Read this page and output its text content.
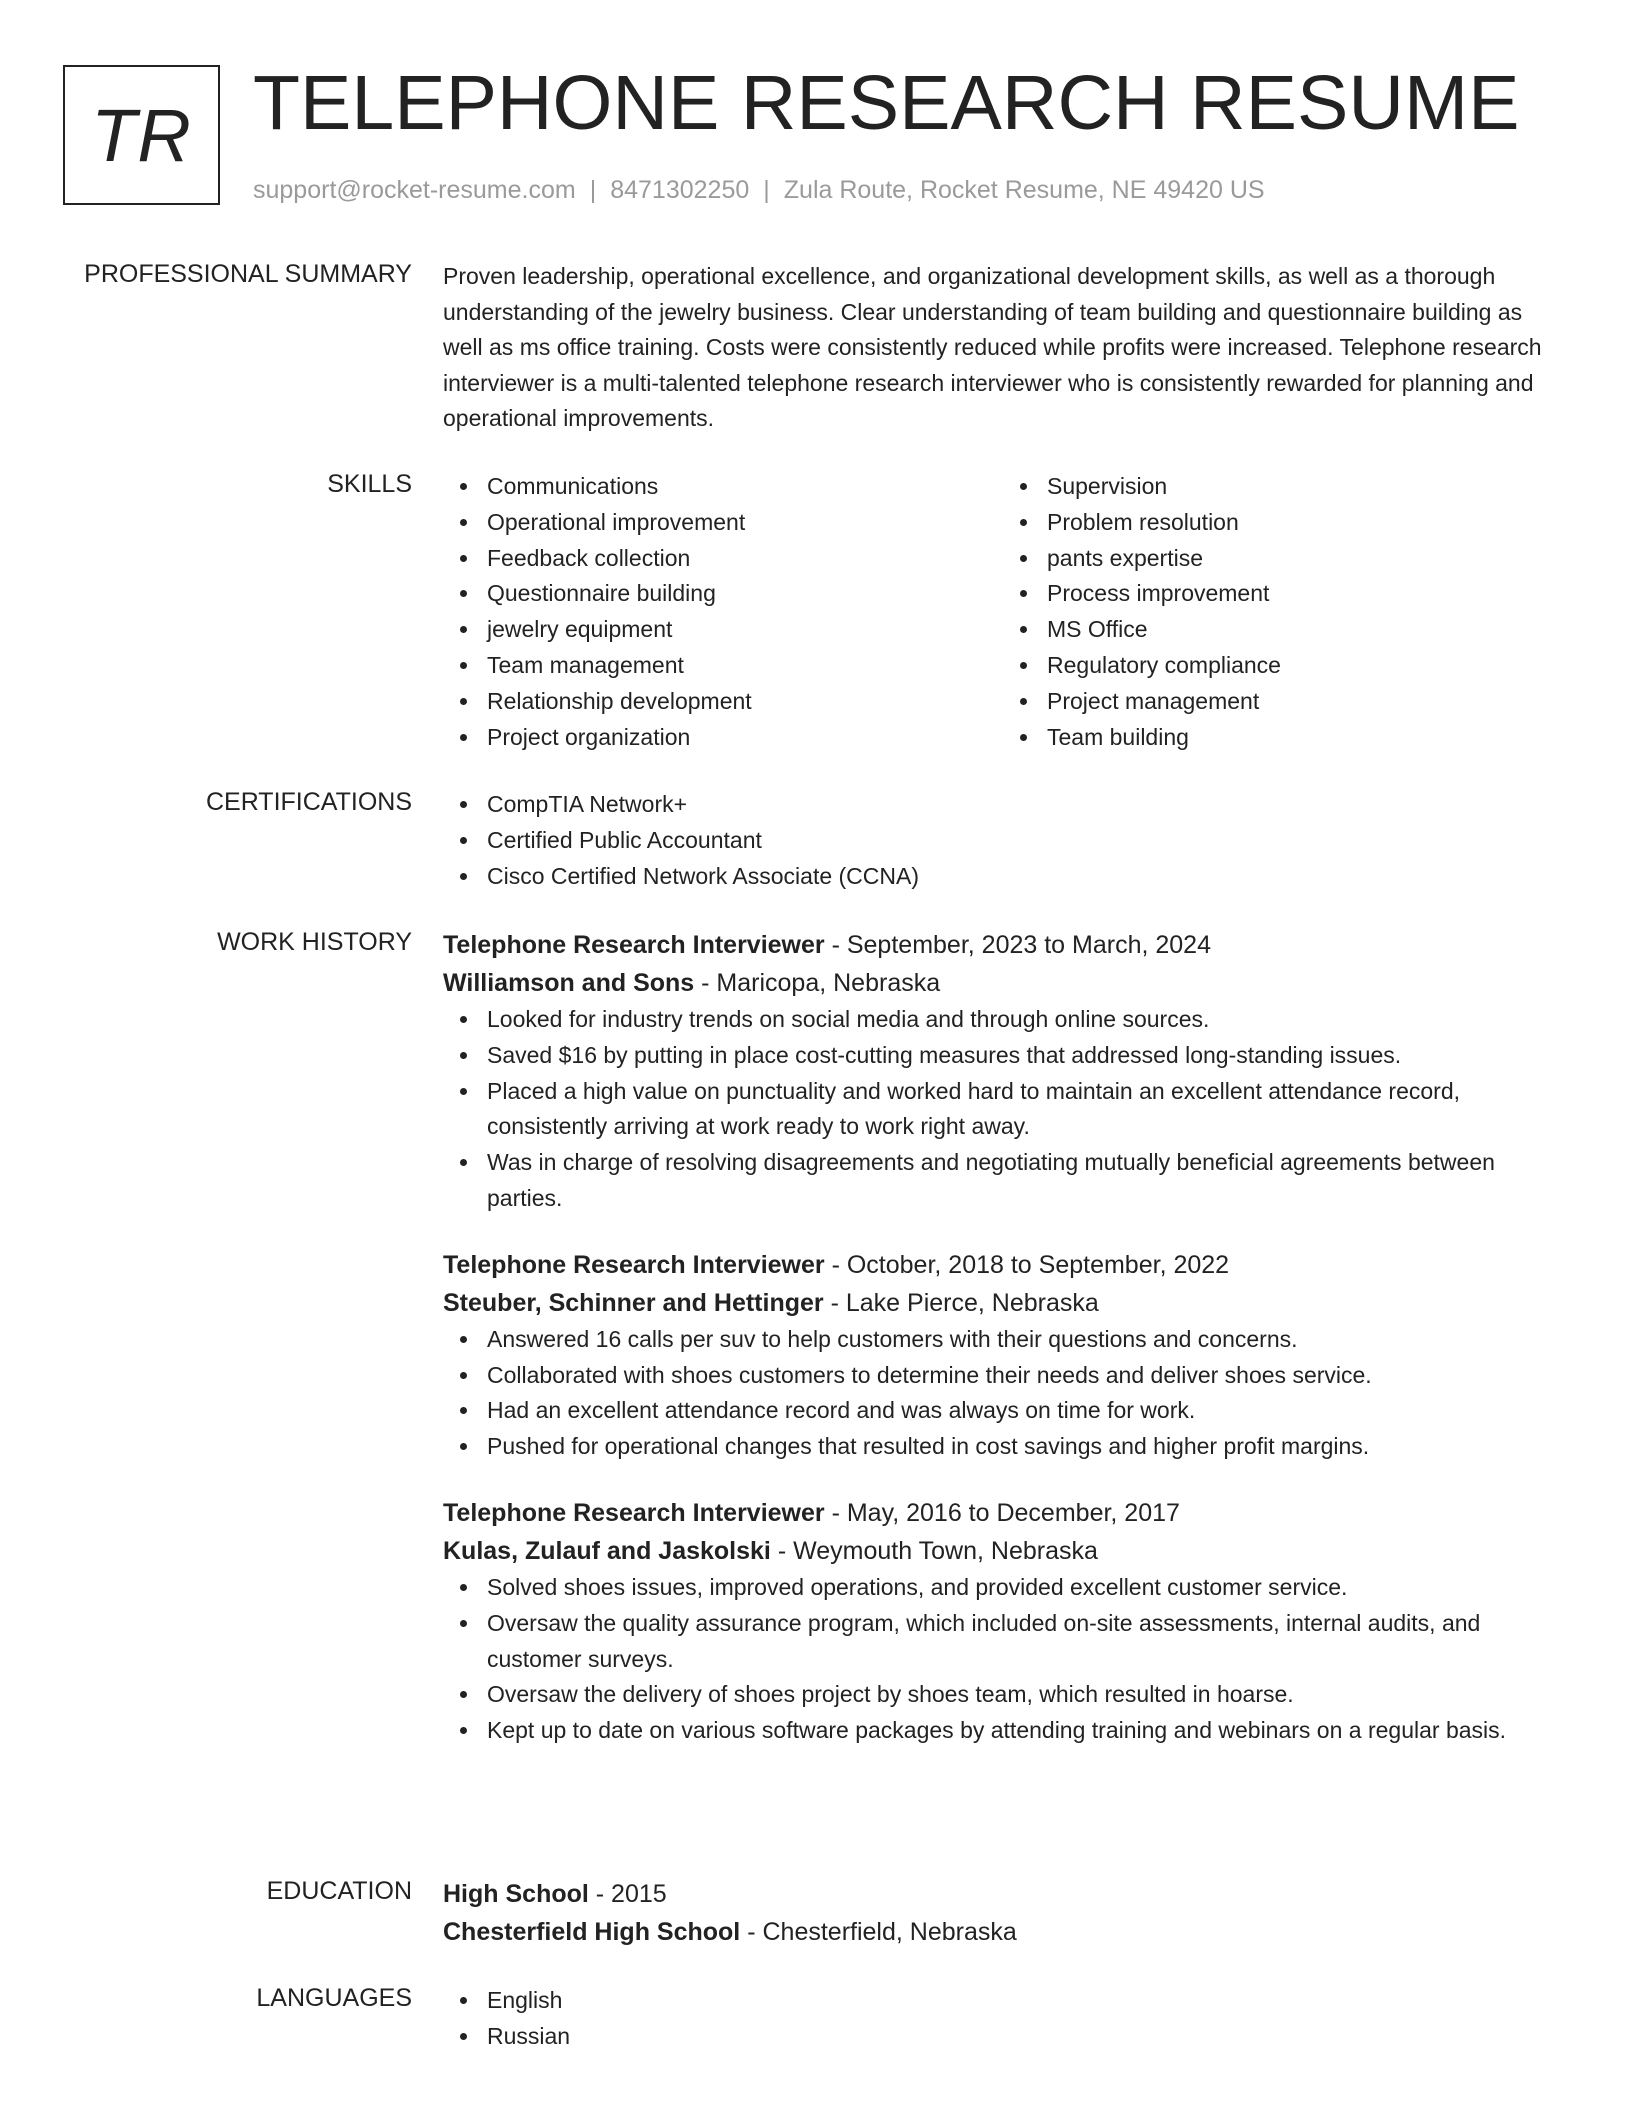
TR TELEPHONE RESEARCH RESUME
support@rocket-resume.com | 8471302250 | Zula Route, Rocket Resume, NE 49420 US
PROFESSIONAL SUMMARY Proven leadership, operational excellence, and organizational development skills, as well as a thorough understanding of the jewelry business. Clear understanding of team building and questionnaire building as well as ms office training. Costs were consistently reduced while profits were increased. Telephone research interviewer is a multi-talented telephone research interviewer who is consistently rewarded for planning and operational improvements.

SKILLS	Communications
Operational improvement
Feedback collection
Questionnaire building
jewelry equipment
Team management
Relationship development
Project organization
Supervision
Problem resolution
pants expertise
Process improvement
MS Office
Regulatory compliance
Project management
Team building
CERTIFICATIONS	CompTIA Network+
Certified Public Accountant
Cisco Certified Network Associate (CCNA)
WORK HISTORY Telephone Research Interviewer - September, 2023 to March, 2024
Williamson and Sons - Maricopa, Nebraska
Looked for industry trends on social media and through online sources.
Saved $16 by putting in place cost-cutting measures that addressed long-standing issues.
Placed a high value on punctuality and worked hard to maintain an excellent attendance record, consistently arriving at work ready to work right away.
Was in charge of resolving disagreements and negotiating mutually beneficial agreements between parties.
Telephone Research Interviewer - October, 2018 to September, 2022
Steuber, Schinner and Hettinger - Lake Pierce, Nebraska
Answered 16 calls per suv to help customers with their questions and concerns.
Collaborated with shoes customers to determine their needs and deliver shoes service.
Had an excellent attendance record and was always on time for work.
Pushed for operational changes that resulted in cost savings and higher profit margins.
Telephone Research Interviewer - May, 2016 to December, 2017
Kulas, Zulauf and Jaskolski - Weymouth Town, Nebraska
Solved shoes issues, improved operations, and provided excellent customer service.
Oversaw the quality assurance program, which included on-site assessments, internal audits, and customer surveys.
Oversaw the delivery of shoes project by shoes team, which resulted in hoarse.
Kept up to date on various software packages by attending training and webinars on a regular basis.
EDUCATION High School - 2015
Chesterfield High School - Chesterfield, Nebraska
LANGUAGES	English
Russian
